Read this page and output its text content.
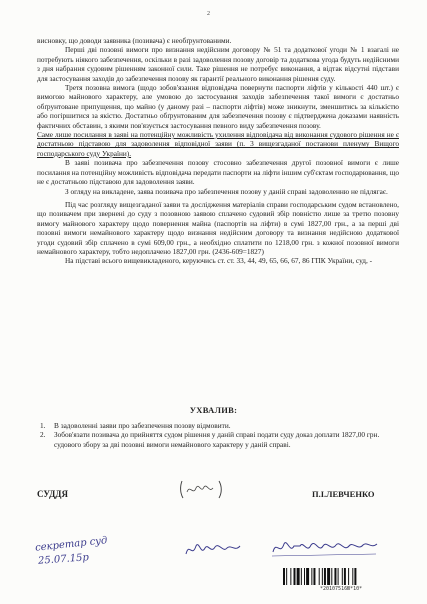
2

висновку, що доводи заявника (позивача) є необґрунтованими.

Перші дві позовні вимоги про визнання недійсним договору № 51 та додаткової угоди № 1 взагалі не потребують ніякого забезпечення, оскільки в разі задоволення позову договір та додаткова угода будуть недійсними з дня набрання судовим рішенням законної сили. Таке рішення не потребує виконання, а відтак відсутні підстави для застосування заходів до забезпечення позову як гарантії реального виконання рішення суду.

Третя позовна вимога (щодо зобов'язання відповідача повернути паспорти ліфтів у кількості 440 шт.) є вимогою майнового характеру, але умовою до застосування заходів забезпечення такої вимоги є достатньо обґрунтоване припущення, що майно (у даному разі – паспорти ліфтів) може зникнути, зменшитись за кількістю або погіршитися за якістю. Достатньо обґрунтованим для забезпечення позову є підтверджена доказами наявність фактичних обставин, з якими пов'язується застосування певного виду забезпечення позову.

Саме лише посилання в заяві на потенційну можливість ухилення відповідача від виконання судового рішення не є достатньою підставою для задоволення відповідної заяви (п. 3 вищезгаданої постанови пленуму Вищого господарського суду України).

В заяві позивача про забезпечення позову стосовно забезпечення другої позовної вимоги є лише посилання на потенційну можливість відповідача передати паспорти на ліфти іншим суб'єктам господарювання, що не є достатньою підставою для задоволення заяви.

З огляду на викладене, заява позивача про забезпечення позову у даній справі задоволенню не підлягає.

Під час розгляду вищезгаданої заяви та дослідження матеріалів справи господарським судом встановлено, що позивачем при звернені до суду з позовною заявою сплачено судовий збір повністю лише за третю позовну вимогу майнового характеру щодо повернення майна (паспортів на ліфти) в сумі 1827,00 грн., а за перші дві позовні вимоги немайнового характеру щодо визнання недійсним договору та визнання недійсною додаткової угоди судовий збір сплачено в сумі 609,00 грн., а необхідно сплатити по 1218,00 грн. з кожної позовної вимоги немайнового характеру, тобто недоплачено 1827,00 грн. (2436-609=1827)

На підставі всього вищевикладеного, керуючись ст. ст. 33, 44, 49, 65, 66, 67, 86 ГПК України, суд, -

УХВАЛИВ:
1.	В задоволенні заяви про забезпечення позову відмовити.
2.	Зобов'язати позивача до прийняття судом рішення у даній справі подати суду доказ доплати 1827,00 грн. судового збору за дві позовні вимоги немайнового характеру у даній справі.
СУДДЯ	П.І.ЛЕВЧЕНКО
секретар суд
25.07.15р
*20107516Ю*10*
